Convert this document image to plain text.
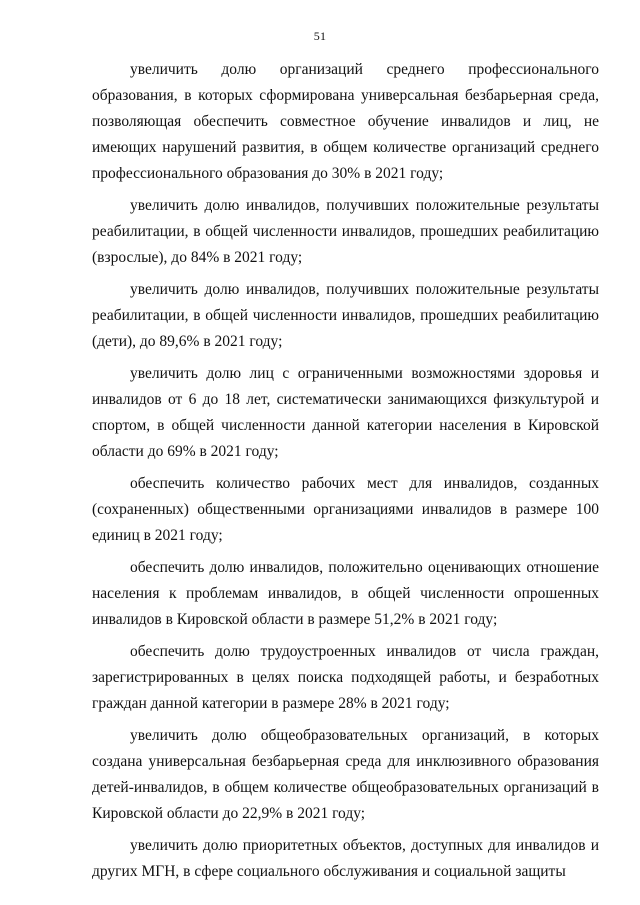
51

увеличить долю организаций среднего профессионального образования, в которых сформирована универсальная безбарьерная среда, позволяющая обеспечить совместное обучение инвалидов и лиц, не имеющих нарушений развития, в общем количестве организаций среднего профессионального образования до 30% в 2021 году;

увеличить долю инвалидов, получивших положительные результаты реабилитации, в общей численности инвалидов, прошедших реабилитацию (взрослые), до 84% в 2021 году;

увеличить долю инвалидов, получивших положительные результаты реабилитации, в общей численности инвалидов, прошедших реабилитацию (дети), до 89,6% в 2021 году;

увеличить долю лиц с ограниченными возможностями здоровья и инвалидов от 6 до 18 лет, систематически занимающихся физкультурой и спортом, в общей численности данной категории населения в Кировской области до 69% в 2021 году;

обеспечить количество рабочих мест для инвалидов, созданных (сохраненных) общественными организациями инвалидов в размере 100 единиц в 2021 году;

обеспечить долю инвалидов, положительно оценивающих отношение населения к проблемам инвалидов, в общей численности опрошенных инвалидов в Кировской области в размере 51,2% в 2021 году;

обеспечить долю трудоустроенных инвалидов от числа граждан, зарегистрированных в целях поиска подходящей работы, и безработных граждан данной категории в размере 28% в 2021 году;

увеличить долю общеобразовательных организаций, в которых создана универсальная безбарьерная среда для инклюзивного образования детей-инвалидов, в общем количестве общеобразовательных организаций в Кировской области до 22,9% в 2021 году;

увеличить долю приоритетных объектов, доступных для инвалидов и других МГН, в сфере социального обслуживания и социальной защиты
